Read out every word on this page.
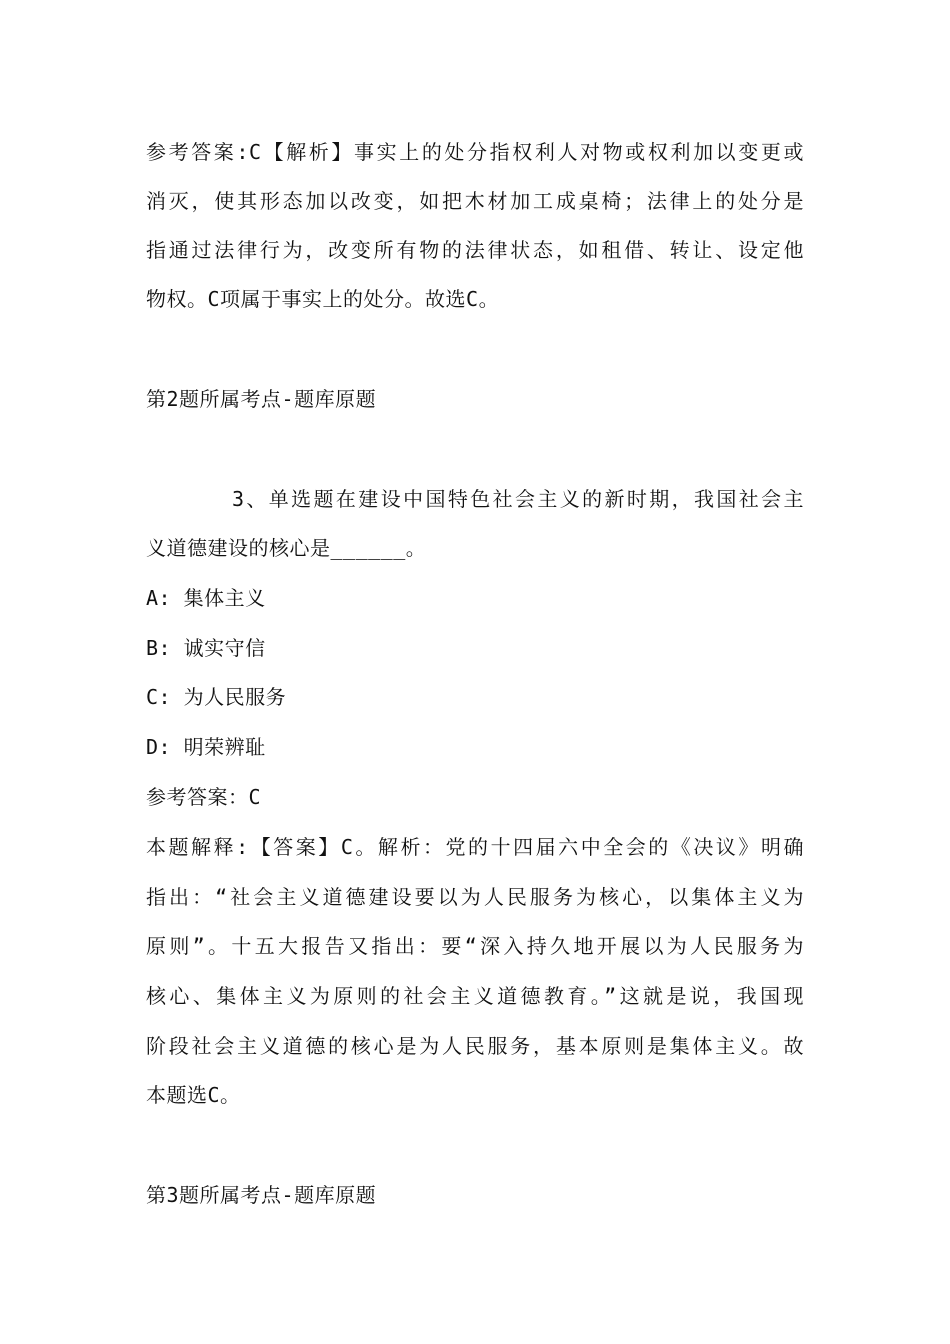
参考答案:C【解析】事实上的处分指权利人对物或权利加以变更或
消灭，使其形态加以改变，如把木材加工成桌椅；法律上的处分是
指通过法律行为，改变所有物的法律状态，如租借、转让、设定他
物权。C项属于事实上的处分。故选C。
第2题所属考点-题库原题
3、单选题在建设中国特色社会主义的新时期，我国社会主
义道德建设的核心是______。
A: 集体主义
B: 诚实守信
C: 为人民服务
D: 明荣辨耻
参考答案：C
本题解释:【答案】C。解析：党的十四届六中全会的《决议》明确
指出：“社会主义道德建设要以为人民服务为核心，以集体主义为
原则”。十五大报告又指出：要“深入持久地开展以为人民服务为
核心、集体主义为原则的社会主义道德教育。”这就是说，我国现
阶段社会主义道德的核心是为人民服务，基本原则是集体主义。故
本题选C。
第3题所属考点-题库原题
